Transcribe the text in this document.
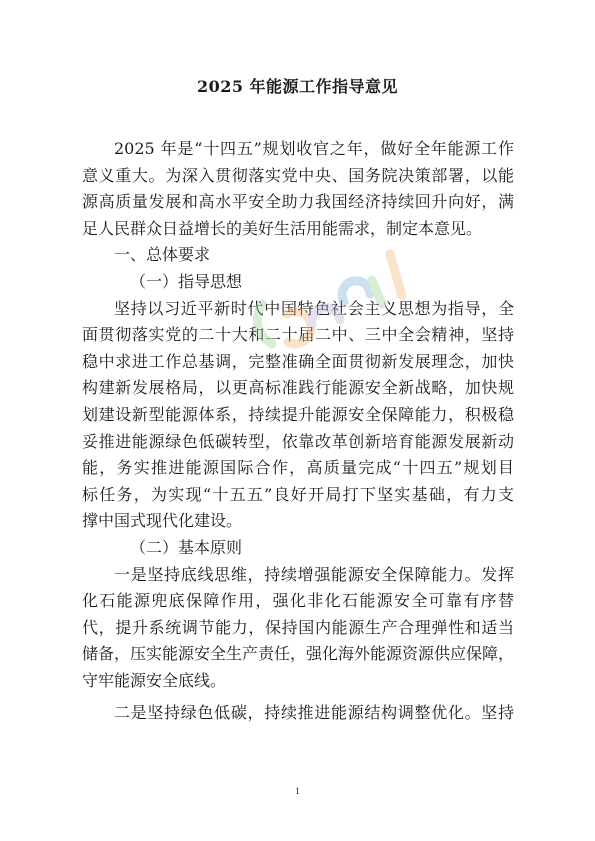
2025 年能源工作指导意见
2025 年是“十四五”规划收官之年，做好全年能源工作
意义重大。为深入贯彻落实党中央、国务院决策部署，以能
源高质量发展和高水平安全助力我国经济持续回升向好，满
足人民群众日益增长的美好生活用能需求，制定本意见。
一、总体要求
（一）指导思想
坚持以习近平新时代中国特色社会主义思想为指导，全
面贯彻落实党的二十大和二十届二中、三中全会精神，坚持
稳中求进工作总基调，完整准确全面贯彻新发展理念，加快
构建新发展格局，以更高标准践行能源安全新战略，加快规
划建设新型能源体系，持续提升能源安全保障能力，积极稳
妥推进能源绿色低碳转型，依靠改革创新培育能源发展新动
能，务实推进能源国际合作，高质量完成“十四五”规划目
标任务，为实现“十五五”良好开局打下坚实基础，有力支
撑中国式现代化建设。
（二）基本原则
一是坚持底线思维，持续增强能源安全保障能力。发挥
化石能源兜底保障作用，强化非化石能源安全可靠有序替
代，提升系统调节能力，保持国内能源生产合理弹性和适当
储备，压实能源安全生产责任，强化海外能源资源供应保障，
守牢能源安全底线。
二是坚持绿色低碳，持续推进能源结构调整优化。坚持
1
